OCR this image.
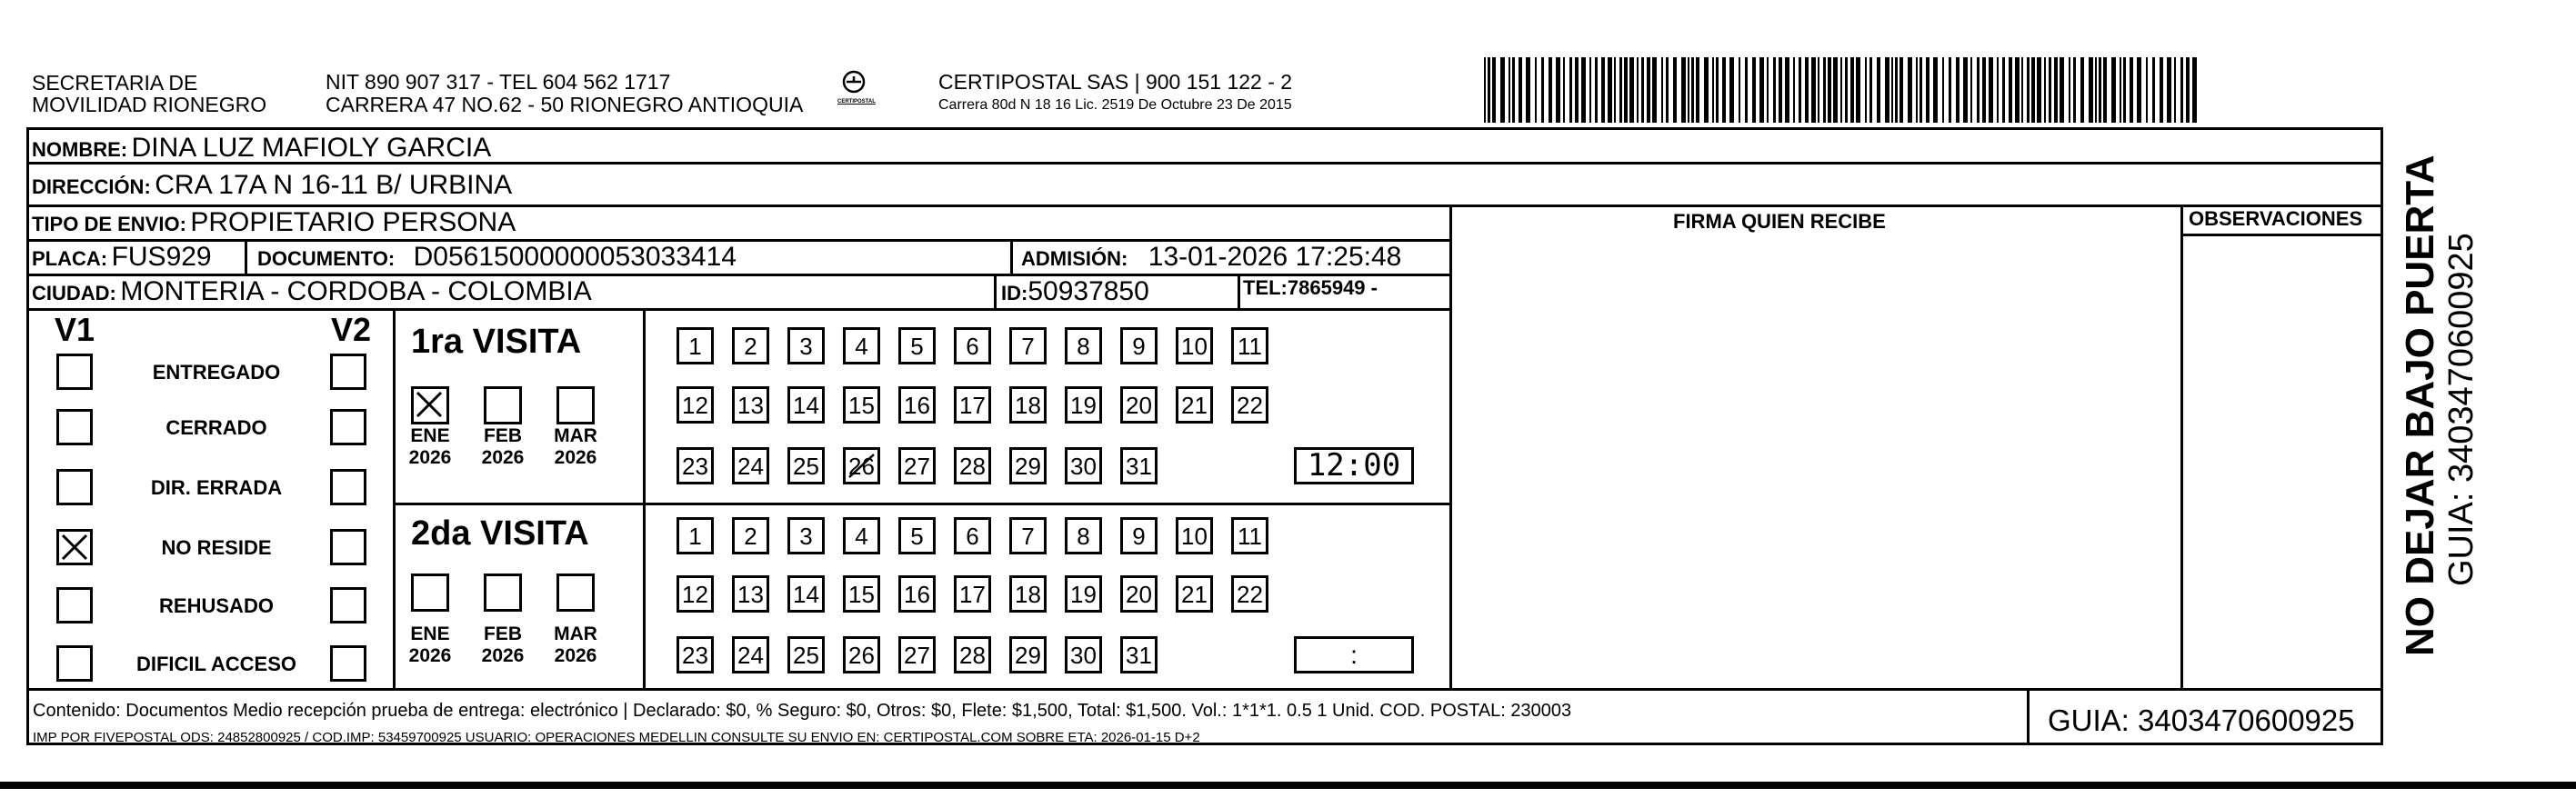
SECRETARIA DE
MOVILIDAD RIONEGRO
NIT 890 907 317 - TEL 604 562 1717
CARRERA 47 NO.62 - 50 RIONEGRO ANTIOQUIA	CERTIPOSTAL
CERTIPOSTAL SAS | 900 151 122 - 2
Carrera 80d N 18 16 Lic. 2519 De Octubre 23 De 2015
NOMBRE: DINA LUZ MAFIOLY GARCIA
DIRECCIÓN: CRA 17A N 16-11 B/ URBINA
TIPO DE ENVIO: PROPIETARIO PERSONA	FIRMA QUIEN RECIBE	OBSERVACIONES
PLACA: FUS929 DOCUMENTO: D05615000000053033414	ADMISIÓN: 13-01-2026 17:25:48
CIUDAD: MONTERIA - CORDOBA - COLOMBIA	ID:50937850	TEL:7865949 -
V1	V2
ENTREGADO
CERRADO
DIR. ERRADA
NO RESIDE
REHUSADO
DIFICIL ACCESO
1ra VISITA
2da VISITA
ENE
2026
FEB
2026
MAR
2026
ENE
2026
FEB
2026
MAR
2026
1	2	3	4	5	6	7	8	9	10 11
12 13 14 15 16 17 18 19 20 21 22
23 24 25 26 27 28 29 30 31	12:00
1	2	3	4	5	6	7	8	9	10 11
12 13 14 15 16 17 18 19 20 21 22
23 24 25 26 27 28 29 30 31	:
Contenido: Documentos Medio recepción prueba de entrega: electrónico | Declarado: $0, % Seguro: $0, Otros: $0, Flete: $1,500, Total: $1,500. Vol.: 1*1*1. 0.5 1 Unid. COD. POSTAL: 230003
IMP POR FIVEPOSTAL ODS: 24852800925 / COD.IMP: 53459700925 USUARIO: OPERACIONES MEDELLIN CONSULTE SU ENVIO EN: CERTIPOSTAL.COM SOBRE ETA: 2026-01-15 D+2
GUIA: 3403470600925
NO DEJAR BAJO PUERTA GUIA: 3403470600925
